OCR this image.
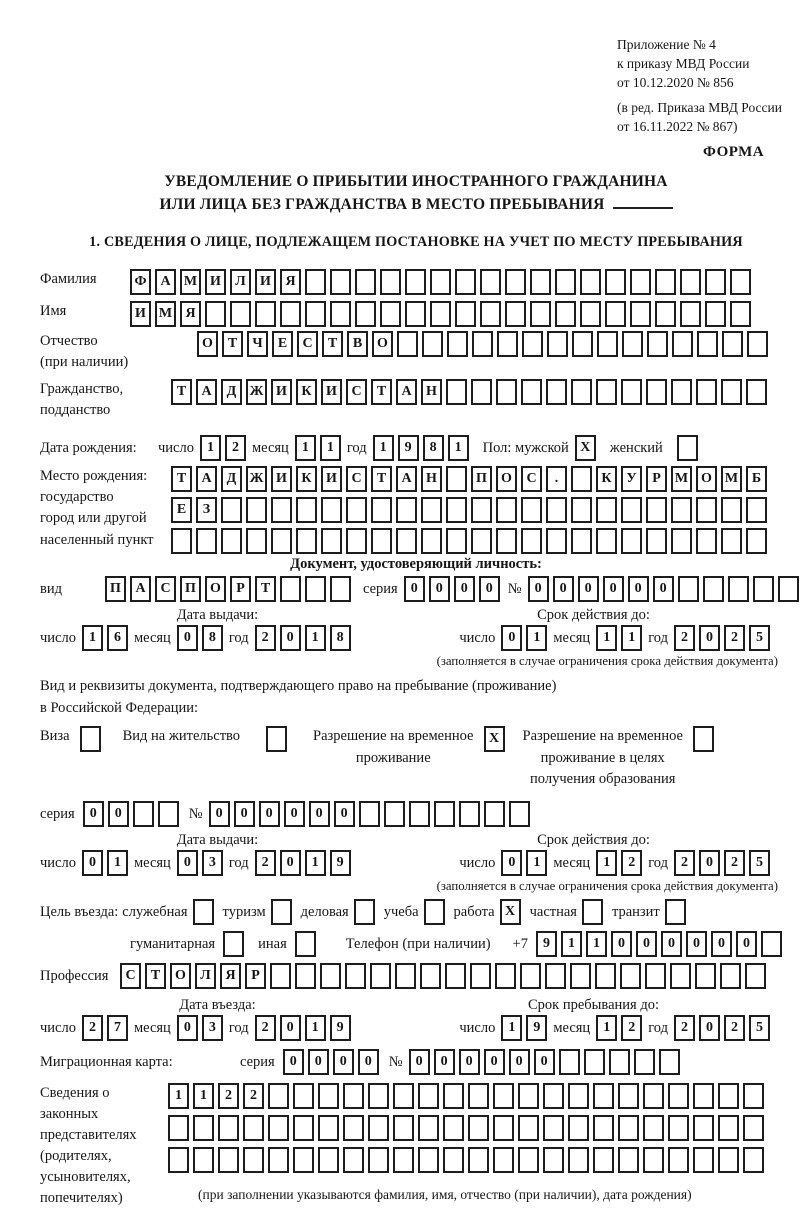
Приложение № 4
к приказу МВД России
от 10.12.2020 № 856
(в ред. Приказа МВД России
от 16.11.2022 № 867)
ФОРМА
УВЕДОМЛЕНИЕ О ПРИБЫТИИ ИНОСТРАННОГО ГРАЖДАНИНА
ИЛИ ЛИЦА БЕЗ ГРАЖДАНСТВА В МЕСТО ПРЕБЫВАНИЯ
1. СВЕДЕНИЯ О ЛИЦЕ, ПОДЛЕЖАЩЕМ ПОСТАНОВКЕ НА УЧЕТ ПО МЕСТУ ПРЕБЫВАНИЯ
Фамилия	Ф А М И	Л	И	Я
Имя	И М Я
Отчество
(при наличии)
О	Т	Ч	Е	С	Т	В	О
Гражданство,
подданство
Т	А	Д Ж И	К	И	С	Т	А	Н
Дата рождения:	число 1	2 месяц 1	1 год 1	9	8	1	Пол: мужской X	женский
Место рождения:
государство
город или другой
населенный пункт
Т	А	Д Ж И	К	И	С	Т	А	Н	П	О	С	.	К	У	Р	М О М Б
Е	З
Документ, удостоверяющий личность:
вид	П	А	С	П	О	Р	Т	серия 0	0	0	0	№ 0	0	0	0	0	0
Дата выдачи:	Срок действия до:
число 1	6 месяц 0	8 год 2	0	1	8	число 0	1 месяц 1	1 год 2	0	2	5
(заполняется в случае ограничения срока действия документа)
Вид и реквизиты документа, подтверждающего право на пребывание (проживание)
в Российской Федерации:
Виза	Вид на жительство	Разрешение на временное
проживание
X	Разрешение на временное
проживание в целях
получения образования
серия	0	0	№ 0	0	0	0	0	0
Дата выдачи:	Срок действия до:
число 0	1 месяц 0	3 год 2	0	1	9	число 0	1 месяц 1	2 год 2	0	2	5
(заполняется в случае ограничения срока действия документа)
Цель въезда: служебная туризм деловая учеба работа X частная транзит
гуманитарная	иная	Телефон (при наличии) +7	9	1	1	0	0	0	0	0	0
Профессия	С	Т	О	Л	Я	Р
Дата въезда:	Срок пребывания до:
число 2	7 месяц 0	3 год 2	0	1	9	число 1	9 месяц 1	2 год 2	0	2	5
Миграционная карта:	серия	0	0	0	0	№ 0	0	0	0	0	0
Сведения о
законных
представителях
(родителях,
усыновителях,
попечителях)
1	1	2	2
(при заполнении указываются фамилия, имя, отчество (при наличии), дата рождения)
